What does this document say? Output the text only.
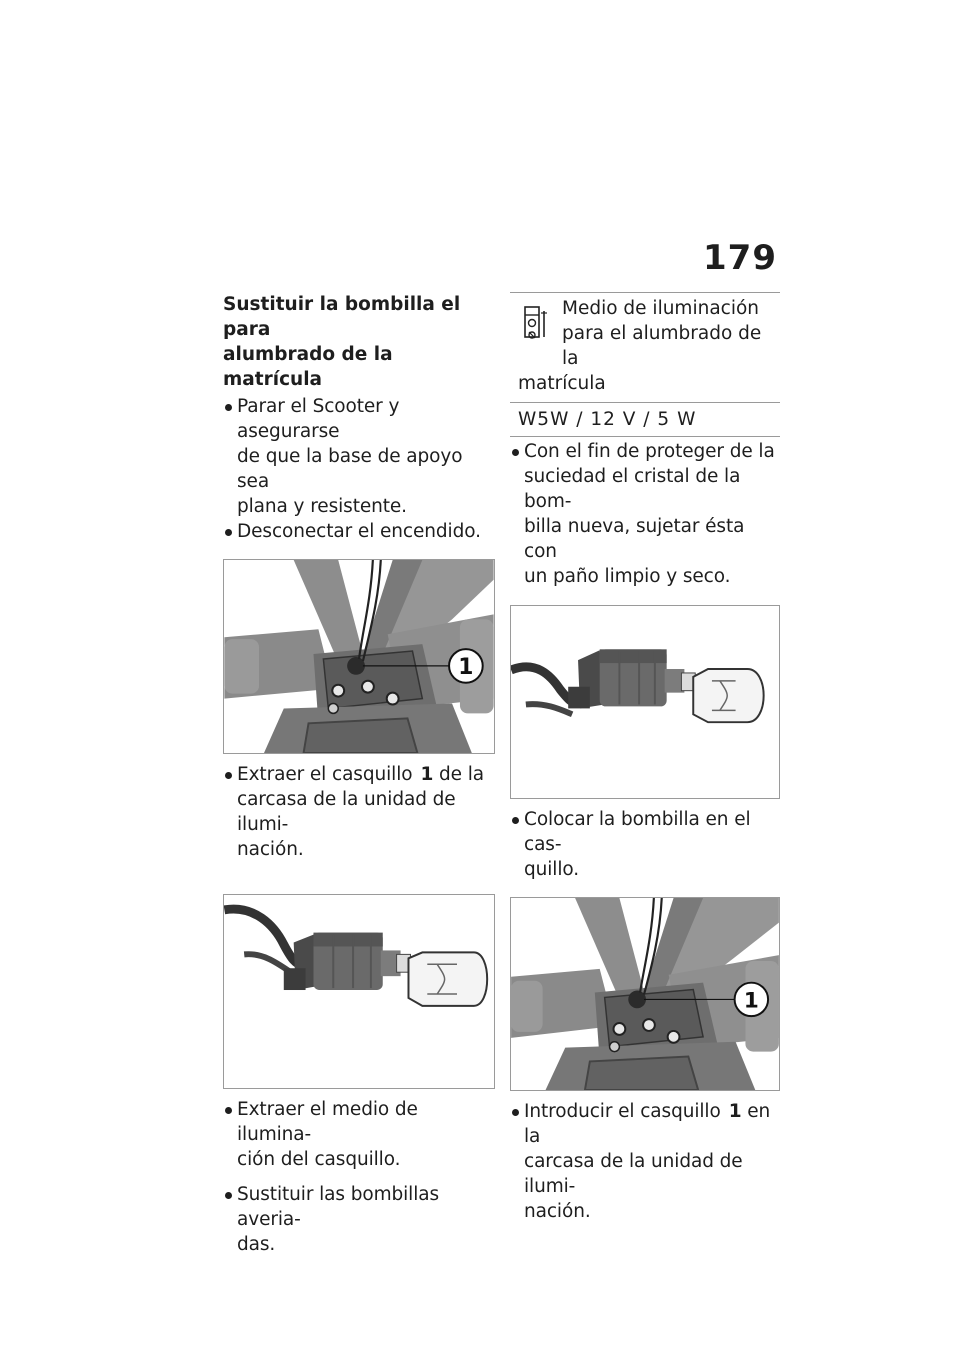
179
Sustituir la bombilla el para
alumbrado de la matrícula
Parar el Scooter y asegurarse
de que la base de apoyo sea
plana y resistente.
Desconectar el encendido.
1
Extraer el casquillo 1 de la
carcasa de la unidad de ilumi-
nación.
Extraer el medio de ilumina-
ción del casquillo.
Sustituir las bombillas averia-
das.
Medio de iluminación
para el alumbrado de la
matrícula
W5W / 12 V / 5 W
Con el fin de proteger de la
suciedad el cristal de la bom-
billa nueva, sujetar ésta con
un paño limpio y seco.
Colocar la bombilla en el cas-
quillo.
1
Introducir el casquillo 1 en la
carcasa de la unidad de ilumi-
nación.
